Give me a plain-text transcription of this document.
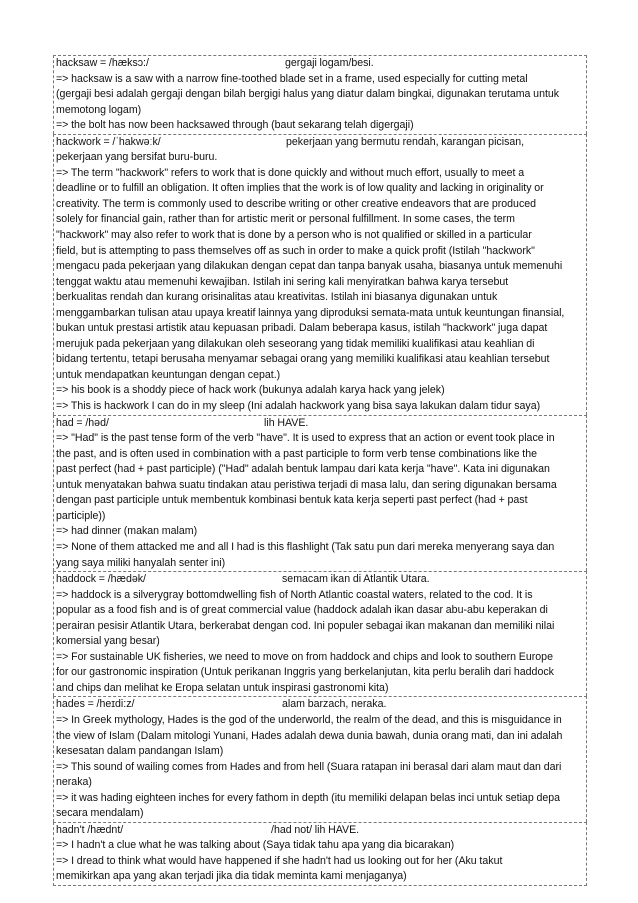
hacksaw = /hæksɔ:/	gergaji logam/besi.
=> hacksaw is a saw with a narrow fine-toothed blade set in a frame, used especially for cutting metal
(gergaji besi adalah gergaji dengan bilah bergigi halus yang diatur dalam bingkai, digunakan terutama untuk
memotong logam)
=> the bolt has now been hacksawed through (baut sekarang telah digergaji)
hackwork = /ˈhakwəːk/	pekerjaan yang bermutu rendah, karangan picisan,
pekerjaan yang bersifat buru-buru.
=> The term "hackwork" refers to work that is done quickly and without much effort, usually to meet a
deadline or to fulfill an obligation. It often implies that the work is of low quality and lacking in originality or
creativity. The term is commonly used to describe writing or other creative endeavors that are produced
solely for financial gain, rather than for artistic merit or personal fulfillment. In some cases, the term
"hackwork" may also refer to work that is done by a person who is not qualified or skilled in a particular
field, but is attempting to pass themselves off as such in order to make a quick profit (Istilah "hackwork"
mengacu pada pekerjaan yang dilakukan dengan cepat dan tanpa banyak usaha, biasanya untuk memenuhi
tenggat waktu atau memenuhi kewajiban. Istilah ini sering kali menyiratkan bahwa karya tersebut
berkualitas rendah dan kurang orisinalitas atau kreativitas. Istilah ini biasanya digunakan untuk
menggambarkan tulisan atau upaya kreatif lainnya yang diproduksi semata-mata untuk keuntungan finansial,
bukan untuk prestasi artistik atau kepuasan pribadi. Dalam beberapa kasus, istilah "hackwork" juga dapat
merujuk pada pekerjaan yang dilakukan oleh seseorang yang tidak memiliki kualifikasi atau keahlian di
bidang tertentu, tetapi berusaha menyamar sebagai orang yang memiliki kualifikasi atau keahlian tersebut
untuk mendapatkan keuntungan dengan cepat.)
=> his book is a shoddy piece of hack work (bukunya adalah karya hack yang jelek)
=> This is hackwork I can do in my sleep (Ini adalah hackwork yang bisa saya lakukan dalam tidur saya)
had = /həd/	lih HAVE.
=> "Had" is the past tense form of the verb "have". It is used to express that an action or event took place in
the past, and is often used in combination with a past participle to form verb tense combinations like the
past perfect (had + past participle) ("Had" adalah bentuk lampau dari kata kerja "have". Kata ini digunakan
untuk menyatakan bahwa suatu tindakan atau peristiwa terjadi di masa lalu, dan sering digunakan bersama
dengan past participle untuk membentuk kombinasi bentuk kata kerja seperti past perfect (had + past
participle))
=> had dinner (makan malam)
=> None of them attacked me and all I had is this flashlight (Tak satu pun dari mereka menyerang saya dan
yang saya miliki hanyalah senter ini)
haddock = /hædək/	semacam ikan di Atlantik Utara.
=> haddock is a silverygray bottomdwelling fish of North Atlantic coastal waters, related to the cod. It is
popular as a food fish and is of great commercial value (haddock adalah ikan dasar abu-abu keperakan di
perairan pesisir Atlantik Utara, berkerabat dengan cod. Ini populer sebagai ikan makanan dan memiliki nilai
komersial yang besar)
=> For sustainable UK fisheries, we need to move on from haddock and chips and look to southern Europe
for our gastronomic inspiration (Untuk perikanan Inggris yang berkelanjutan, kita perlu beralih dari haddock
and chips dan melihat ke Eropa selatan untuk inspirasi gastronomi kita)
hades = /heɪdi:z/	alam barzach, neraka.
=> In Greek mythology, Hades is the god of the underworld, the realm of the dead, and this is misguidance in
the view of Islam (Dalam mitologi Yunani, Hades adalah dewa dunia bawah, dunia orang mati, dan ini adalah
kesesatan dalam pandangan Islam)
=> This sound of wailing comes from Hades and from hell (Suara ratapan ini berasal dari alam maut dan dari
neraka)
=> it was hading eighteen inches for every fathom in depth (itu memiliki delapan belas inci untuk setiap depa
secara mendalam)
hadn't /hædnt/	/had not/ lih HAVE.
=> I hadn't a clue what he was talking about (Saya tidak tahu apa yang dia bicarakan)
=> I dread to think what would have happened if she hadn't had us looking out for her (Aku takut
memikirkan apa yang akan terjadi jika dia tidak meminta kami menjaganya)
